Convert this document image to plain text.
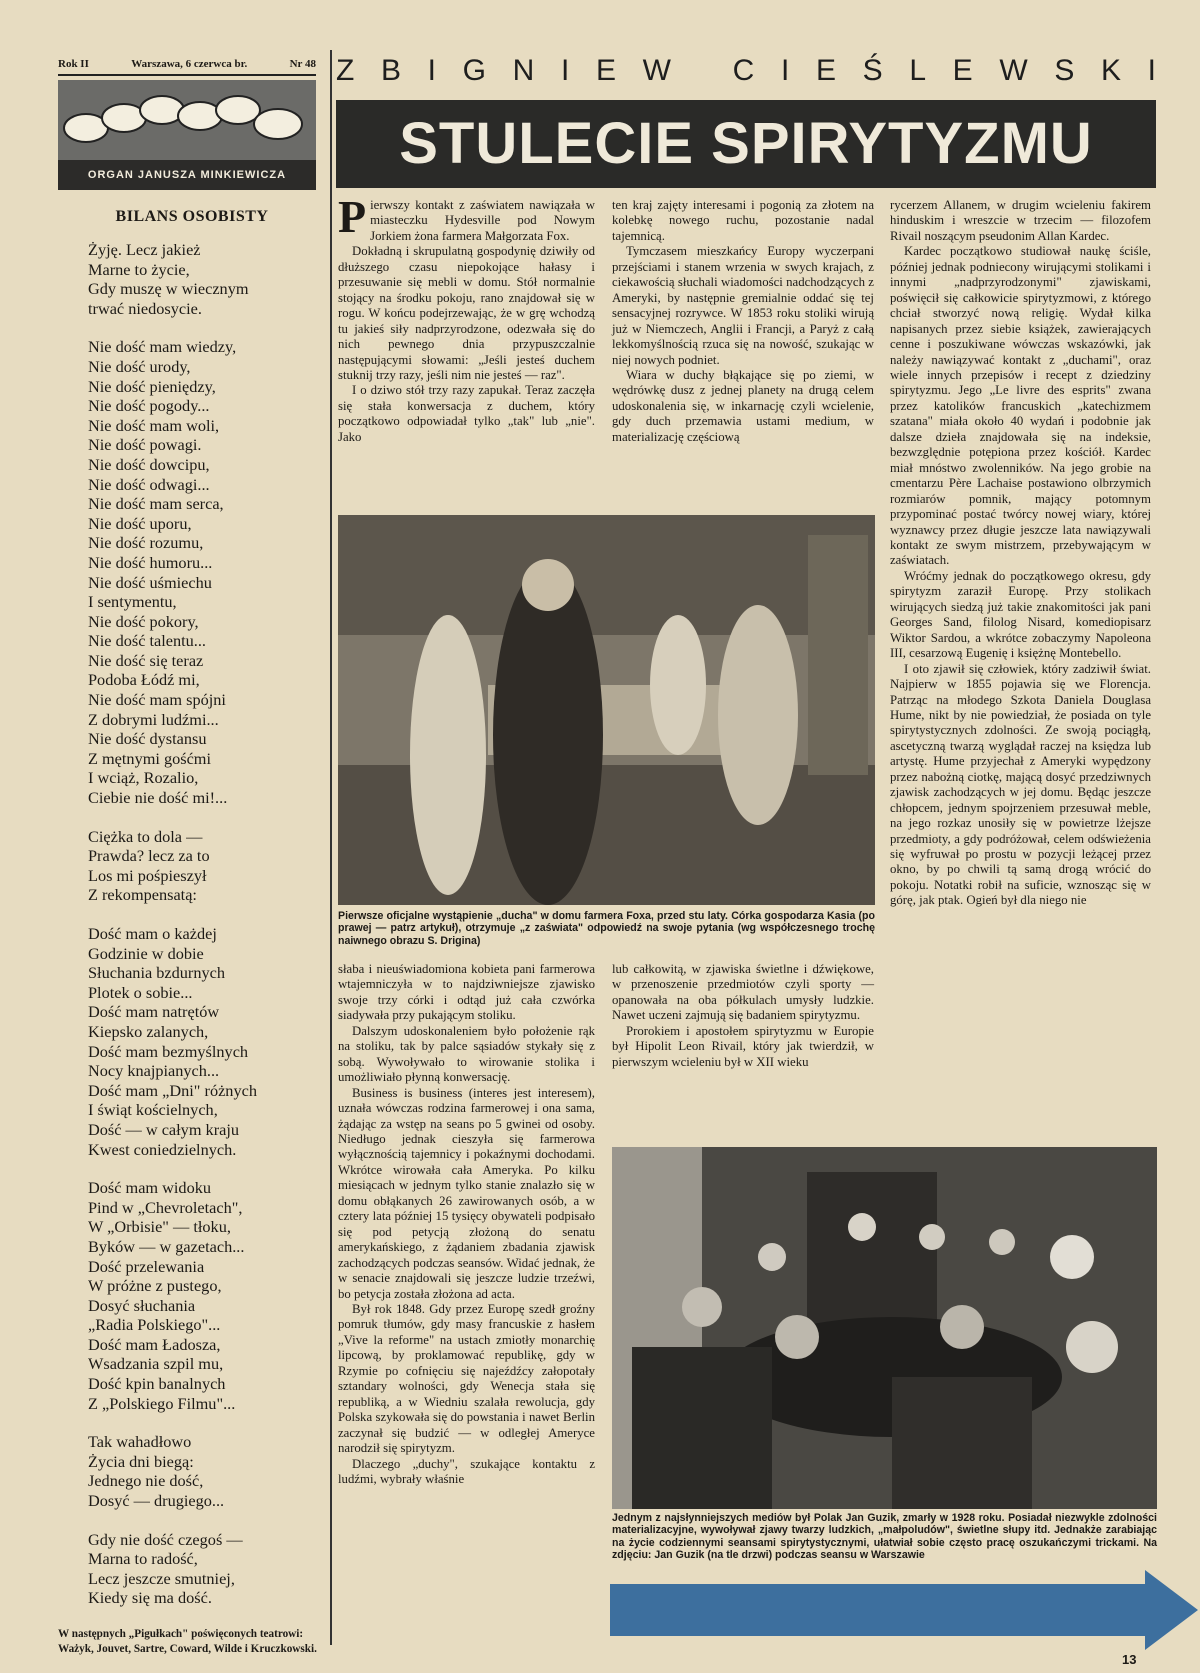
Rok II	Warszawa, 6 czerwca br.	Nr 48
ORGAN JANUSZA MINKIEWICZA
BILANS OSOBISTY
Żyję. Lecz jakież
Marne to życie,
Gdy muszę w wiecznym
trwać niedosycie.
Nie dość mam wiedzy,
Nie dość urody,
Nie dość pieniędzy,
Nie dość pogody...
Nie dość mam woli,
Nie dość powagi.
Nie dość dowcipu,
Nie dość odwagi...
Nie dość mam serca,
Nie dość uporu,
Nie dość rozumu,
Nie dość humoru...
Nie dość uśmiechu
I sentymentu,
Nie dość pokory,
Nie dość talentu...
Nie dość się teraz
Podoba Łódź mi,
Nie dość mam spójni
Z dobrymi ludźmi...
Nie dość dystansu
Z mętnymi gośćmi
I wciąż, Rozalio,
Ciebie nie dość mi!...
Ciężka to dola —
Prawda? lecz za to
Los mi pośpieszył
Z rekompensatą:
Dość mam o każdej
Godzinie w dobie
Słuchania bzdurnych
Plotek o sobie...
Dość mam natrętów
Kiepsko zalanych,
Dość mam bezmyślnych
Nocy knajpianych...
Dość mam „Dni" różnych
I świąt kościelnych,
Dość — w całym kraju
Kwest coniedzielnych.
Dość mam widoku
Pind w „Chevroletach",
W „Orbisie" — tłoku,
Byków — w gazetach...
Dość przelewania
W próżne z pustego,
Dosyć słuchania
„Radia Polskiego"...
Dość mam Ładosza,
Wsadzania szpil mu,
Dość kpin banalnych
Z „Polskiego Filmu"...
Tak wahadłowo
Życia dni biegą:
Jednego nie dość,
Dosyć — drugiego...
Gdy nie dość czegoś —
Marna to radość,
Lecz jeszcze smutniej,
Kiedy się ma dość.
W następnych „Pigułkach" poświęconych teatrowi: Ważyk, Jouvet, Sartre, Coward, Wilde i Kruczkowski.
Z B I G N I E W
C I E Ś L E W S K I
STULECIE SPIRYTYZMU

Pierwszy kontakt z zaświatem nawiązała w miasteczku Hydesville pod Nowym Jorkiem żona farmera Małgorzata Fox.

Dokładną i skrupulatną gospodynię dziwiły od dłuższego czasu niepokojące hałasy i przesuwanie się mebli w domu. Stół normalnie stojący na środku pokoju, rano znajdował się w rogu. W końcu podejrzewając, że w grę wchodzą tu jakieś siły nadprzyrodzone, odezwała się do nich pewnego dnia przypuszczalnie następującymi słowami: „Jeśli jesteś duchem stuknij trzy razy, jeśli nim nie jesteś — raz".

I o dziwo stół trzy razy zapukał. Teraz zaczęła się stała konwersacja z duchem, który początkowo odpowiadał tylko „tak" lub „nie". Jako

ten kraj zajęty interesami i pogonią za złotem na kolebkę nowego ruchu, pozostanie nadal tajemnicą.

Tymczasem mieszkańcy Europy wyczerpani przejściami i stanem wrzenia w swych krajach, z ciekawością słuchali wiadomości nadchodzących z Ameryki, by następnie gremialnie oddać się tej sensacyjnej rozrywce. W 1853 roku stoliki wirują już w Niemczech, Anglii i Francji, a Paryż z całą lekkomyślnością rzuca się na nowość, szukając w niej nowych podniet.

Wiara w duchy błąkające się po ziemi, w wędrówkę dusz z jednej planety na drugą celem udoskonalenia się, w inkarnację czyli wcielenie, gdy duch przemawia ustami medium, w materializację częściową

rycerzem Allanem, w drugim wcieleniu fakirem hinduskim i wreszcie w trzecim — filozofem Rivail noszącym pseudonim Allan Kardec.

Kardec początkowo studiował naukę ściśle, później jednak podniecony wirującymi stolikami i innymi „nadprzyrodzonymi" zjawiskami, poświęcił się całkowicie spirytyzmowi, z którego chciał stworzyć nową religię. Wydał kilka napisanych przez siebie książek, zawierających cenne i poszukiwane wówczas wskazówki, jak należy nawiązywać kontakt z „duchami", oraz wiele innych przepisów i recept z dziedziny spirytyzmu. Jego „Le livre des esprits" zwana przez katolików francuskich „katechizmem szatana" miała około 40 wydań i podobnie jak dalsze dzieła znajdowała się na indeksie, bezwzględnie potępiona przez kościół. Kardec miał mnóstwo zwolenników. Na jego grobie na cmentarzu Père Lachaise postawiono olbrzymich rozmiarów pomnik, mający potomnym przypominać postać twórcy nowej wiary, której wyznawcy przez długie jeszcze lata nawiązywali kontakt ze swym mistrzem, przebywającym w zaświatach.

Wróćmy jednak do początkowego okresu, gdy spirytyzm zaraził Europę. Przy stolikach wirujących siedzą już takie znakomitości jak pani Georges Sand, filolog Nisard, komediopisarz Wiktor Sardou, a wkrótce zobaczymy Napoleona III, cesarzową Eugenię i księżnę Montebello.

I oto zjawił się człowiek, który zadziwił świat. Najpierw w 1855 pojawia się we Florencja. Patrząc na młodego Szkota Daniela Douglasa Hume, nikt by nie powiedział, że posiada on tyle spirytystycznych zdolności. Ze swoją pociągłą, ascetyczną twarzą wyglądał raczej na księdza lub artystę. Hume przyjechał z Ameryki wypędzony przez nabożną ciotkę, mającą dosyć przedziwnych zjawisk zachodzących w jej domu. Będąc jeszcze chłopcem, jednym spojrzeniem przesuwał meble, na jego rozkaz unosiły się w powietrze lżejsze przedmioty, a gdy podróżował, celem odświeżenia się wyfruwał po prostu w pozycji leżącej przez okno, by po chwili tą samą drogą wrócić do pokoju. Notatki robił na suficie, wznosząc się w górę, jak ptak. Ogień był dla niego nie

Pierwsze oficjalne wystąpienie „ducha" w domu farmera Foxa, przed stu laty. Córka gospodarza Kasia (po prawej — patrz artykuł), otrzymuje „z zaświata" odpowiedź na swoje pytania (wg współczesnego trochę naiwnego obrazu S. Drigina)

słaba i nieuświadomiona kobieta pani farmerowa wtajemniczyła w to najdziwniejsze zjawisko swoje trzy córki i odtąd już cała czwórka siadywała przy pukającym stoliku.

Dalszym udoskonaleniem było położenie rąk na stoliku, tak by palce sąsiadów stykały się z sobą. Wywoływało to wirowanie stolika i umożliwiało płynną konwersację.

Business is business (interes jest interesem), uznała wówczas rodzina farmerowej i ona sama, żądając za wstęp na seans po 5 gwinei od osoby. Niedługo jednak cieszyła się farmerowa wyłącznością tajemnicy i pokaźnymi dochodami. Wkrótce wirowała cała Ameryka. Po kilku miesiącach w jednym tylko stanie znalazło się w domu obłąkanych 26 zawirowanych osób, a w cztery lata później 15 tysięcy obywateli podpisało się pod petycją złożoną do senatu amerykańskiego, z żądaniem zbadania zjawisk zachodzących podczas seansów. Widać jednak, że w senacie znajdowali się jeszcze ludzie trzeźwi, bo petycja została złożona ad acta.

Był rok 1848. Gdy przez Europę szedł groźny pomruk tłumów, gdy masy francuskie z hasłem „Vive la reforme" na ustach zmiotły monarchię lipcową, by proklamować republikę, gdy w Rzymie po cofnięciu się najeźdźcy załopotały sztandary wolności, gdy Wenecja stała się republiką, a w Wiedniu szalała rewolucja, gdy Polska szykowała się do powstania i nawet Berlin zaczynał się budzić — w odległej Ameryce narodził się spirytyzm.

Dlaczego „duchy", szukające kontaktu z ludźmi, wybrały właśnie

lub całkowitą, w zjawiska świetlne i dźwiękowe, w przenoszenie przedmiotów czyli sporty — opanowała na oba półkulach umysły ludzkie. Nawet uczeni zajmują się badaniem spirytyzmu.

Prorokiem i apostołem spirytyzmu w Europie był Hipolit Leon Rivail, który jak twierdził, w pierwszym wcieleniu był w XII wieku

Jednym z najsłynniejszych mediów był Polak Jan Guzik, zmarły w 1928 roku. Posiadał niezwykle zdolności materializacyjne, wywoływał zjawy twarzy ludzkich, „małpoludów", świetlne słupy itd. Jednakże zarabiając na życie codziennymi seansami spirytystycznymi, ułatwiał sobie często pracę oszukańczymi trickami. Na zdjęciu: Jan Guzik (na tle drzwi) podczas seansu w Warszawie
13
